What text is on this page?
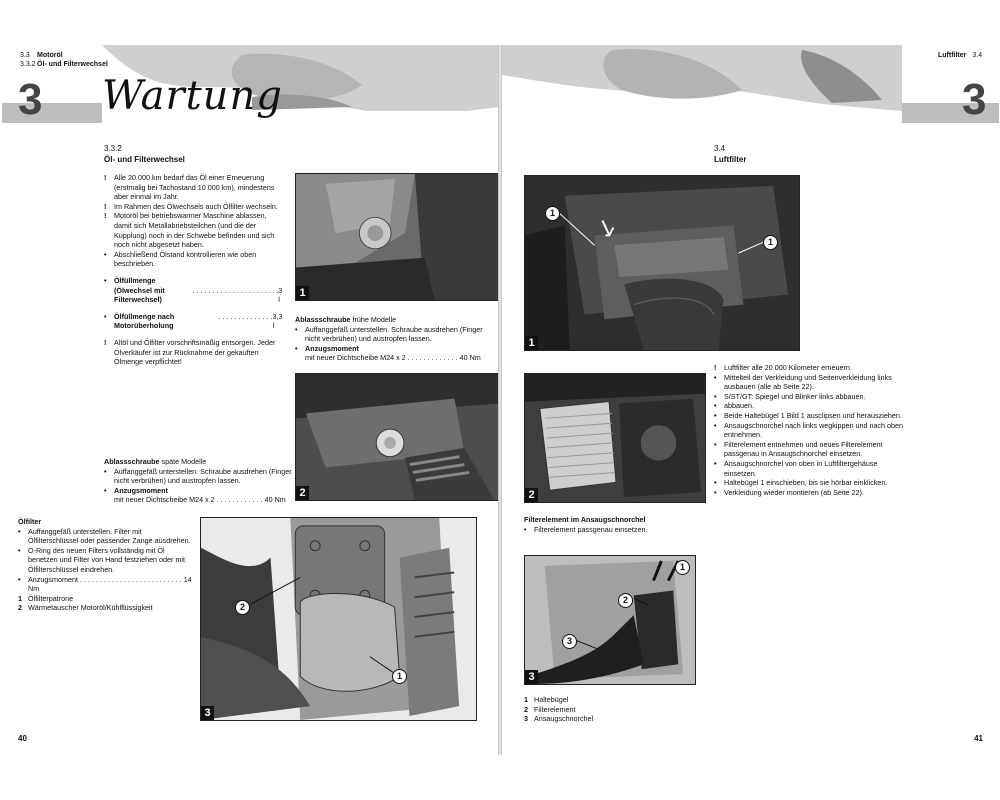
3.3 Motoröl
3.3.2Öl- und Filterwechsel
3 Wartung
3.3.2
Öl- und Filterwechsel
!	Alle 20 000 km bedarf das Öl einer Erneuerung (erstmalig bei Tachostand 10 000 km), mindestens aber einmal im Jahr.
!	Im Rahmen des Ölwechsels auch Ölfilter wechseln.
!	Motoröl bei betriebswarmer Maschine ablassen, damit sich Metallabriebsteilchen (und die der Kupplung) noch in der Schwebe befinden und sich noch nicht abgesetzt haben.
•	Abschließend Ölstand kontrollieren wie oben beschrieben.
•	Ölfüllmenge

(Ölwechsel mit Filterwechsel)
. . . . . . . . . . . . . . . . . . . . . . 3 l
•	Ölfüllmenge nach Motorüberholung
. . . . . . . . . . . . . . 3,3 l
!	Altöl und Ölfilter vorschriftsmäßig entsorgen. Jeder Ölverkäufer ist zur Rücknahme der gekauften Ölmenge verpflichtet!
1
Ablassschraube frühe Modelle
•	Auffanggefäß unterstellen. Schraube ausdrehen (Finger nicht verbrühen) und austropfen lassen.
•	Anzugsmoment
mit neuer Dichtscheibe M24 x 2 . . . . . . . . . . . . . 40 Nm
2
Ablassschraube späte Modelle
•	Auffanggefäß unterstellen. Schraube ausdrehen (Finger nicht verbrühen) und austropfen lassen.
•	Anzugsmoment
mit neuer Dichtscheibe M24 x 2 . . . . . . . . . . . . 40 Nm
1
2
3
Ölfilter
•	Auffanggefäß unterstellen. Filter mit Ölfilterschlüssel oder passender Zange ausdrehen.
•	O-Ring des neuen Filters vollständig mit Öl benetzen und Filter von Hand festziehen oder mit Ölfilterschlüssel eindrehen.
•	Anzugsmoment . . . . . . . . . . . . . . . . . . . . . . . . . . 14 Nm
1 Ölfilterpatrone
2 Wärmetauscher Motoröl/Kühlflüssigkeit
40
Luftfilter 3.4
3
3.4
Luftfilter
1
1
1
!	Luftfilter alle 20 000 Kilometer erneuern.
•	Mittelteil der Verkleidung und Seitenverkleidung links ausbauen (alle ab Seite 22).
•	S/ST/GT: Spiegel und Blinker links abbauen.
•	abbauen.
•	Beide Haltebügel 1 Bild 1 ausclipsen und herausziehen.
•	Ansaugschnorchel nach links wegkippen und nach oben entnehmen.
•	Filterelement entnehmen und neues Filterelement passgenau in Ansaugschnorchel einsetzen.
•	Ansaugschnorchel von oben in Luftfiltergehäuse einsetzen.
•	Haltebügel 1 einschieben, bis sie hörbar einklicken.
•	Verkleidung wieder montieren (ab Seite 22).
2
Filterelement im Ansaugschnorchel
•	Filterelement passgenau einsetzen.
1
2
3
3
1 Haltebügel
2 Filterelement
3 Ansaugschnorchel
41
